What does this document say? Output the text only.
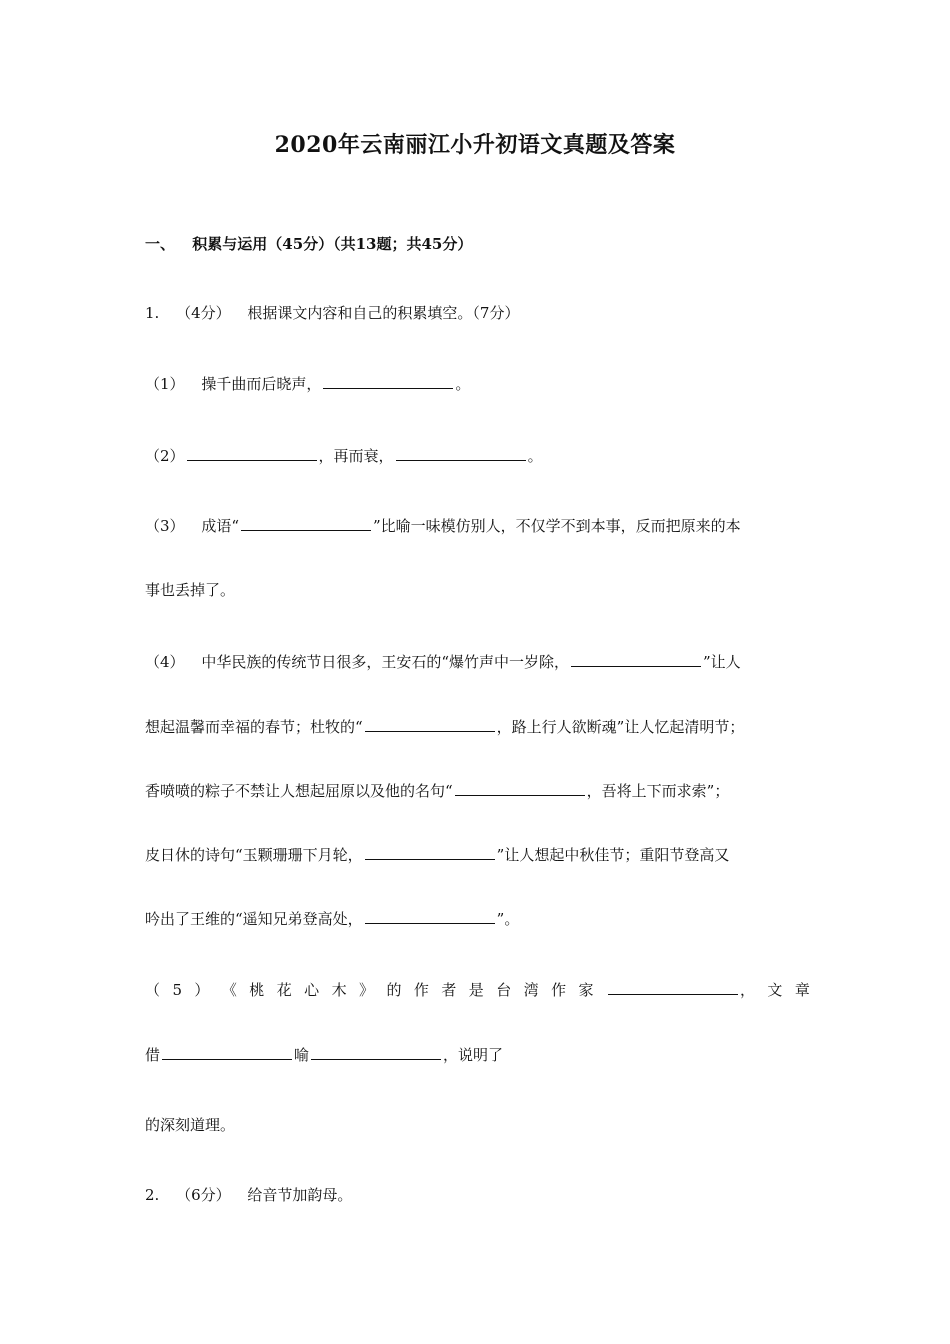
2020年云南丽江小升初语文真题及答案
一、 积累与运用（45分）（共13题；共45分）
1. （4分） 根据课文内容和自己的积累填空。（7分）
（1） 操千曲而后晓声，	。
（2）	，再而衰，	。
（3） 成语“	”比喻一味模仿别人，不仅学不到本事，反而把原来的本
事也丢掉了。
（4） 中华民族的传统节日很多，王安石的“爆竹声中一岁除，	”让人
想起温馨而幸福的春节；杜牧的“	，路上行人欲断魂”让人忆起清明节；
香喷喷的粽子不禁让人想起屈原以及他的名句“	，吾将上下而求索”；
皮日休的诗句“玉颗珊珊下月轮，	”让人想起中秋佳节；重阳节登高又
吟出了王维的“遥知兄弟登高处，	”。
（ 5 ） 《 桃 花 心 木 》 的 作 者 是 台 湾 作 家	， 文 章
借	喻	，说明了
的深刻道理。
2. （6分） 给音节加韵母。
